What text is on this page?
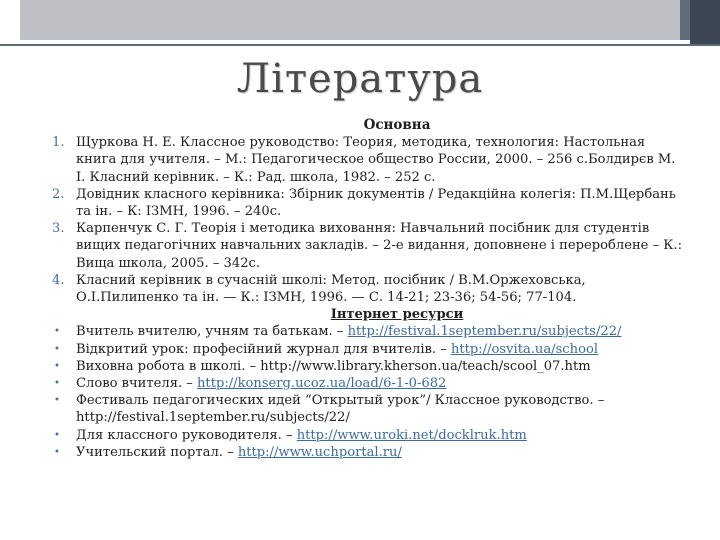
Література
Основна
1. Щуркова Н. Е. Классное руководство: Теория, методика, технология: Настольная книга для учителя. – М.: Педагогическое общество России, 2000. – 256 с.Болдирєв М. І. Класний керівник. – К.: Рад. школа, 1982. – 252 с.
2. Довідник класного керівника: Збірник документів / Редакційна колегія: П.М.Щербань та ін. – К: ІЗМН, 1996. – 240с.
3. Карпенчук С. Г. Теорія і методика виховання: Навчальний посібник для студентів вищих педагогічних навчальних закладів. – 2-е видання, доповнене і перероблене – К.: Вища школа, 2005. – 342с.
4. Класний керівник в сучасній школі: Метод. посібник / В.М.Оржеховська, О.І.Пилипенко та ін. — К.: ІЗМН, 1996. — С. 14-21; 23-36; 54-56; 77-104.
Інтернет ресурси
• Вчитель вчителю, учням та батькам. – http://festival.1september.ru/subjects/22/
• Відкритий урок: професійний журнал для вчителів. – http://osvita.ua/school
• Виховна робота в школі. – http://www.library.kherson.ua/teach/scool_07.htm
• Слово вчителя. – http://konserg.ucoz.ua/load/6-1-0-682
• Фестиваль педагогических идей “Открытый урок”/ Классное руководство. – http://festival.1september.ru/subjects/22/
• Для классного руководителя. – http://www.uroki.net/docklruk.htm
• Учительский портал. – http://www.uchportal.ru/
